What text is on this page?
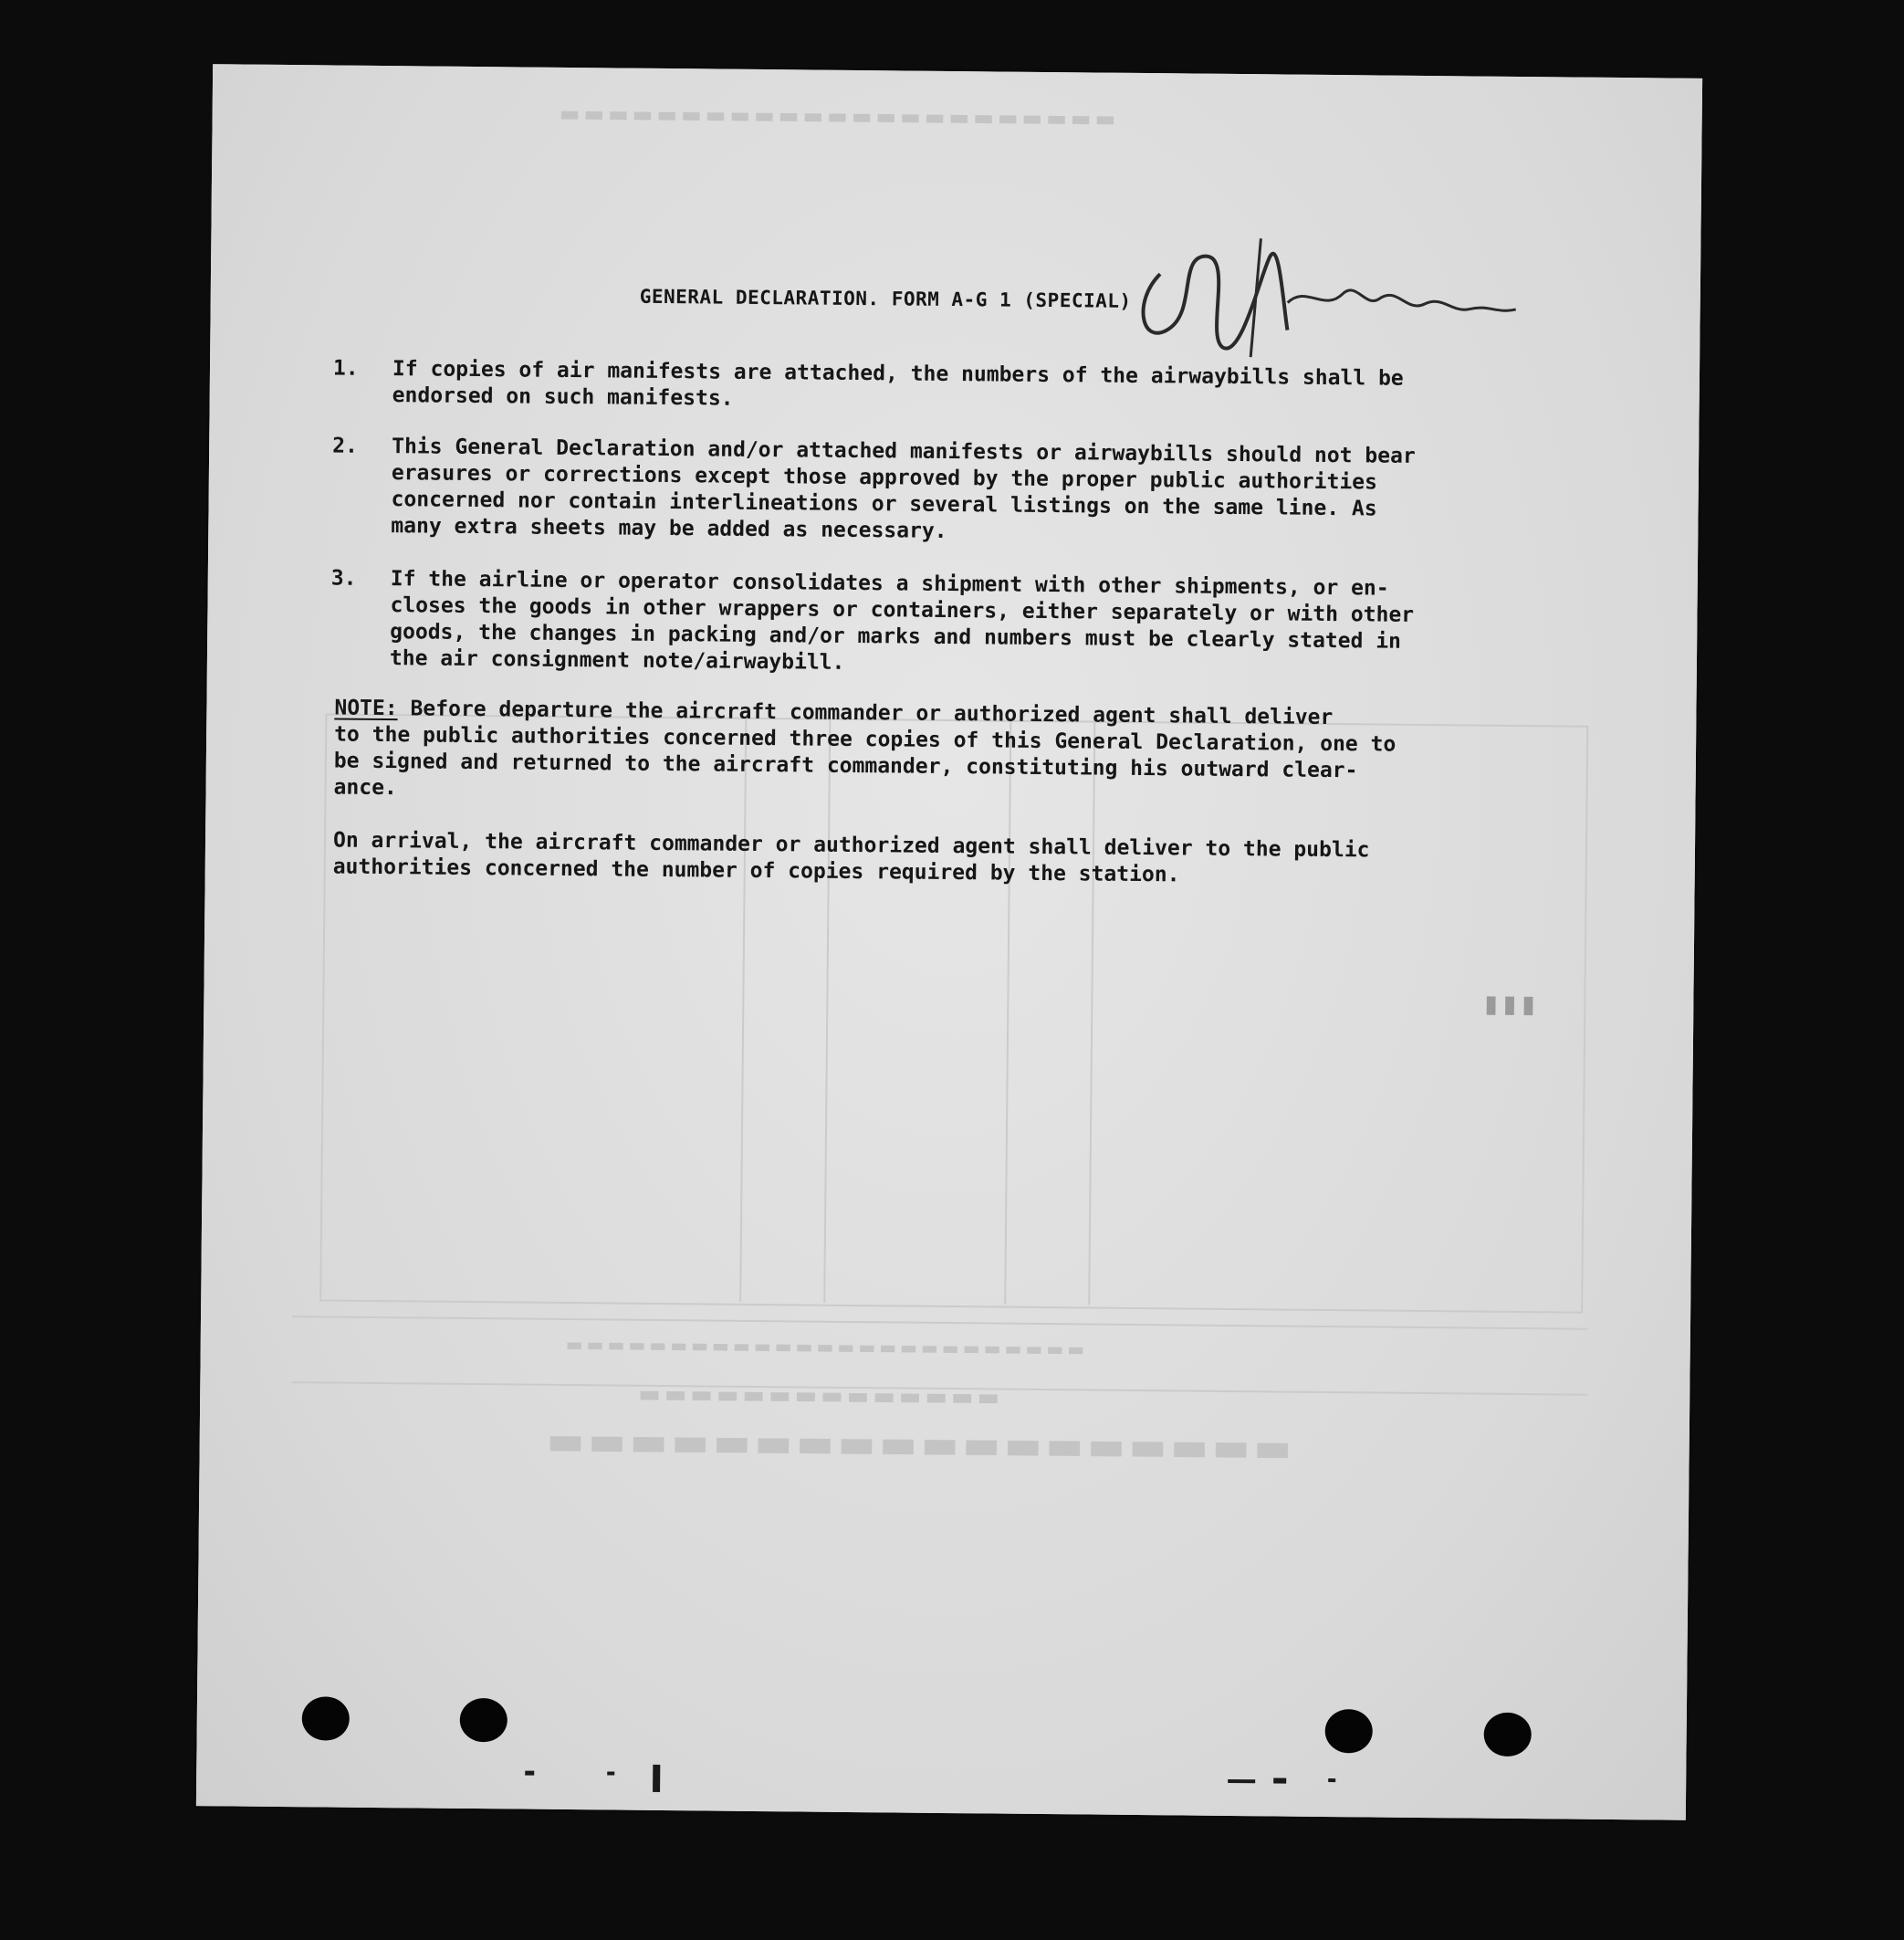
▬▬▬▬▬▬▬▬▬▬▬▬▬▬▬▬▬▬
▬▬▬▬▬▬▬▬▬▬▬▬▬▬
▬▬▬▬▬▬▬▬▬▬▬▬▬▬▬▬▬▬▬▬▬▬▬▬▬
▬▬▬▬▬▬▬▬▬▬▬▬▬▬▬▬▬▬▬▬▬▬▬
▮▮▮
GENERAL DECLARATION. FORM A-G 1 (SPECIAL)
1.	If copies of air manifests are attached, the numbers of the airwaybills shall be
endorsed on such manifests.
2.	This General Declaration and/or attached manifests or airwaybills should not bear
erasures or corrections except those approved by the proper public authorities
concerned nor contain interlineations or several listings on the same line. As
many extra sheets may be added as necessary.
3.	If the airline or operator consolidates a shipment with other shipments, or en-
closes the goods in other wrappers or containers, either separately or with other
goods, the changes in packing and/or marks and numbers must be clearly stated in
the air consignment note/airwaybill.
NOTE: Before departure the aircraft commander or authorized agent shall deliver
to the public authorities concerned three copies of this General Declaration, one to
be signed and returned to the aircraft commander, constituting his outward clear-
ance.
On arrival, the aircraft commander or authorized agent shall deliver to the public
authorities concerned the number of copies required by the station.
